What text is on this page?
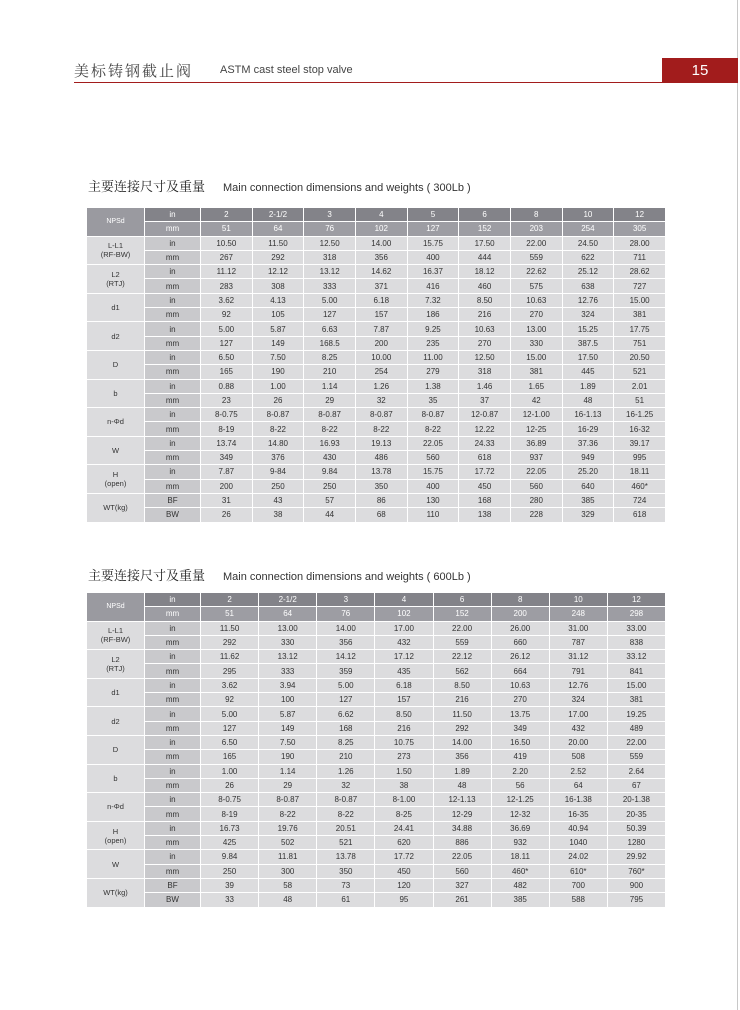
美标铸钢截止阀 ASTM cast steel stop valve	15
主要连接尺寸及重量 Main connection dimensions and weights ( 300Lb )
NPSd	in	2	2-1/2	3	4	5	6	8	10	12
	mm	51	64	76	102	127	152	203	254	305
L-L1
(RF-BW)	in	10.50	11.50	12.50	14.00	15.75	17.50	22.00	24.50	28.00
	mm	267	292	318	356	400	444	559	622	711
L2
(RTJ)	in	11.12	12.12	13.12	14.62	16.37	18.12	22.62	25.12	28.62
	mm	283	308	333	371	416	460	575	638	727
d1	in	3.62	4.13	5.00	6.18	7.32	8.50	10.63	12.76	15.00
	mm	92	105	127	157	186	216	270	324	381
d2	in	5.00	5.87	6.63	7.87	9.25	10.63	13.00	15.25	17.75
	mm	127	149	168.5	200	235	270	330	387.5	751
D	in	6.50	7.50	8.25	10.00	11.00	12.50	15.00	17.50	20.50
	mm	165	190	210	254	279	318	381	445	521
b	in	0.88	1.00	1.14	1.26	1.38	1.46	1.65	1.89	2.01
	mm	23	26	29	32	35	37	42	48	51
n-Φd	in	8-0.75	8-0.87	8-0.87	8-0.87	8-0.87	12-0.87	12-1.00	16-1.13	16-1.25
	mm	8-19	8-22	8-22	8-22	8-22	12.22	12-25	16-29	16-32
W	in	13.74	14.80	16.93	19.13	22.05	24.33	36.89	37.36	39.17
	mm	349	376	430	486	560	618	937	949	995
H
(open)	in	7.87	9-84	9.84	13.78	15.75	17.72	22.05	25.20	18.11
	mm	200	250	250	350	400	450	560	640	460*
WT(kg)	BF	31	43	57	86	130	168	280	385	724
	BW	26	38	44	68	110	138	228	329	618
主要连接尺寸及重量 Main connection dimensions and weights ( 600Lb )
NPSd	in	2	2-1/2	3	4	6	8	10	12
	mm	51	64	76	102	152	200	248	298
L-L1
(RF-BW)	in	11.50	13.00	14.00	17.00	22.00	26.00	31.00	33.00
	mm	292	330	356	432	559	660	787	838
L2
(RTJ)	in	11.62	13.12	14.12	17.12	22.12	26.12	31.12	33.12
	mm	295	333	359	435	562	664	791	841
d1	in	3.62	3.94	5.00	6.18	8.50	10.63	12.76	15.00
	mm	92	100	127	157	216	270	324	381
d2	in	5.00	5.87	6.62	8.50	11.50	13.75	17.00	19.25
	mm	127	149	168	216	292	349	432	489
D	in	6.50	7.50	8.25	10.75	14.00	16.50	20.00	22.00
	mm	165	190	210	273	356	419	508	559
b	in	1.00	1.14	1.26	1.50	1.89	2.20	2.52	2.64
	mm	26	29	32	38	48	56	64	67
n-Φd	in	8-0.75	8-0.87	8-0.87	8-1.00	12-1.13	12-1.25	16-1.38	20-1.38
	mm	8-19	8-22	8-22	8-25	12-29	12-32	16-35	20-35
H
(open)	in	16.73	19.76	20.51	24.41	34.88	36.69	40.94	50.39
	mm	425	502	521	620	886	932	1040	1280
W	in	9.84	11.81	13.78	17.72	22.05	18.11	24.02	29.92
	mm	250	300	350	450	560	460*	610*	760*
WT(kg)	BF	39	58	73	120	327	482	700	900
	BW	33	48	61	95	261	385	588	795
